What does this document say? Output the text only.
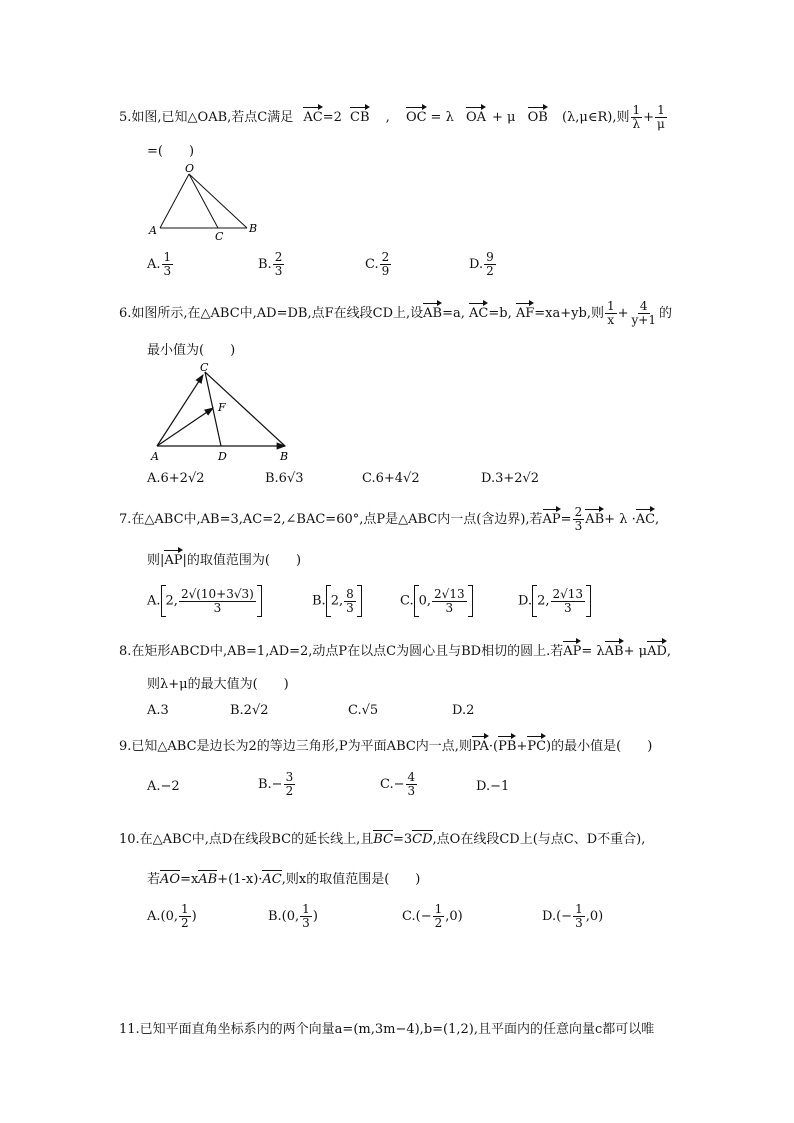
5.如图,已知△OAB,若点C满足 AC=2 CB , OC = λ OA + μ OB (λ,μ∈R),则 $\frac{1}{\lambda} + \frac{1}{\mu}$
=(　　)
O
A	B
C
A. $\frac{1}{3}$	B. $\frac{2}{3}$	C. $\frac{2}{9}$	D. $\frac{9}{2}$
6.如图所示,在△ABC中,AD=DB,点F在线段CD上,设AB=a, AC=b, AF=xa+yb,则 $\frac{1}{x} + \frac{4}{y+1}$ 的
最小值为(　　)
C
F
A	D	B
A.6+2√2	B.6√3	C.6+4√2	D.3+2√2
7.在△ABC中,AB=3,AC=2,∠BAC=60°,点P是△ABC内一点(含边界),若$AP= \frac{2}{3} AB+ \lambda \cdot AC$,
则|AP|的取值范围为(　　)
A. 2, $\frac{2√(10+3√3)}{3}$	B. 2, $\frac{8}{3}$	C. 0, $\frac{2√13}{3}$	D. 2, $\frac{2√13}{3}$
8.在矩形ABCD中,AB=1,AD=2,动点P在以点C为圆心且与BD相切的圆上.若AP= λAB+ μAD,
则λ+μ的最大值为(　　)
A.3	B.2√2	C.√5	D.2
9.已知△ABC是边长为2的等边三角形,P为平面ABC内一点,则PA·(PB+PC)的最小值是(　　)
A.−2	$B.- \frac{3}{2}$	$C.- \frac{4}{3}$	D.−1
10.在△ABC中,点D在线段BC的延长线上,且BC=3CD,点O在线段CD上(与点C、D不重合),
若AO=xAB+(1-x)·AC,则x的取值范围是(　　)
A.(0, $\frac{1}{2}$ )	B.(0, $\frac{1}{3}$ )	$C.(- \frac{1}{2} ,0)$	$D.(- \frac{1}{3} ,0)$
11.已知平面直角坐标系内的两个向量a=(m,3m−4),b=(1,2),且平面内的任意向量c都可以唯
